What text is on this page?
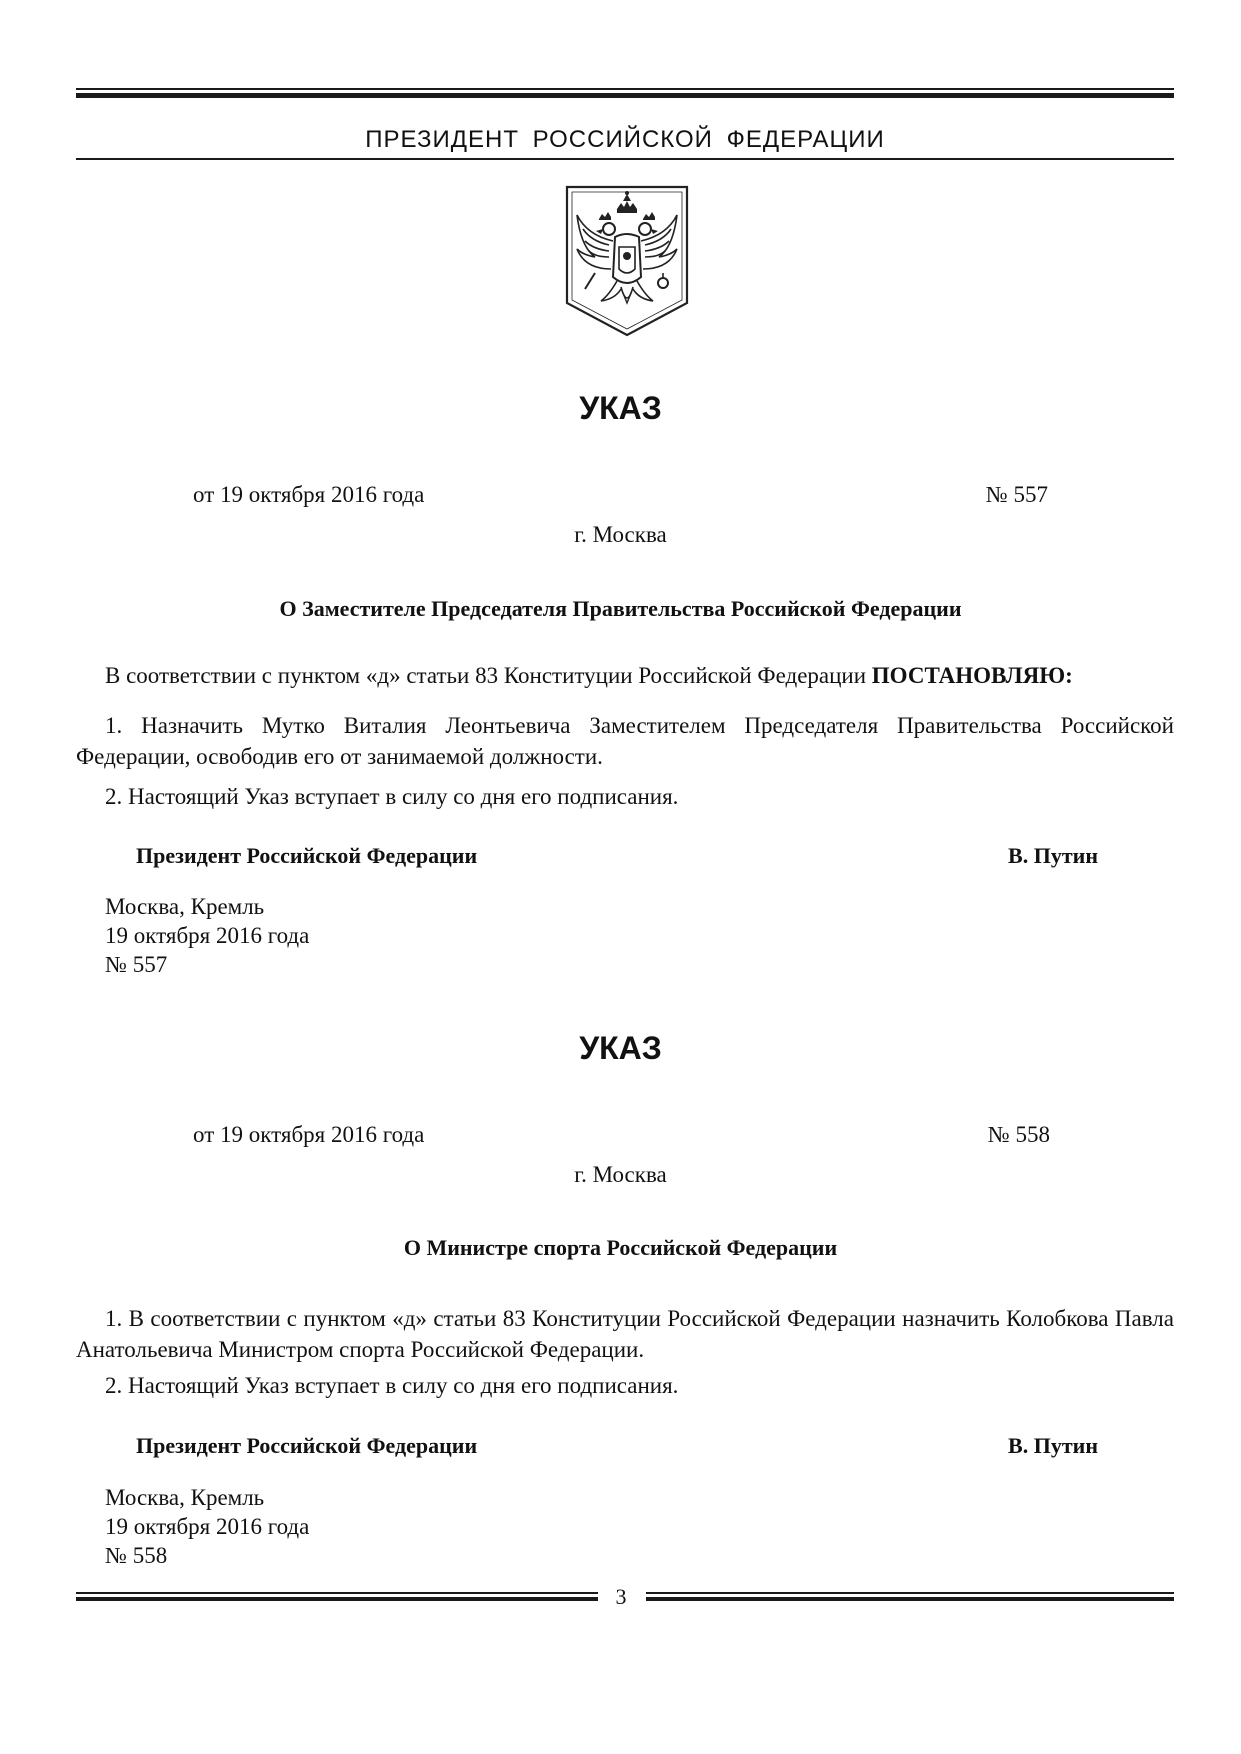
ПРЕЗИДЕНТ РОССИЙСКОЙ ФЕДЕРАЦИИ
УКАЗ
от 19 октября 2016 года	№ 557
г. Москва
О Заместителе Председателя Правительства Российской Федерации
В соответствии с пунктом «д» статьи 83 Конституции Российской Федерации ПОСТАНОВЛЯЮ:
1. Назначить Мутко Виталия Леонтьевича Заместителем Председателя Правительства Российской Федерации, освободив его от занимаемой должности.
2. Настоящий Указ вступает в силу со дня его подписания.
Президент Российской Федерации	В. Путин
Москва, Кремль
19 октября 2016 года
№ 557
УКАЗ
от 19 октября 2016 года	№ 558
г. Москва
О Министре спорта Российской Федерации
1. В соответствии с пунктом «д» статьи 83 Конституции Российской Федерации назначить Колобкова Павла Анатольевича Министром спорта Российской Федерации.
2. Настоящий Указ вступает в силу со дня его подписания.
Президент Российской Федерации	В. Путин
Москва, Кремль
19 октября 2016 года
№ 558
3
